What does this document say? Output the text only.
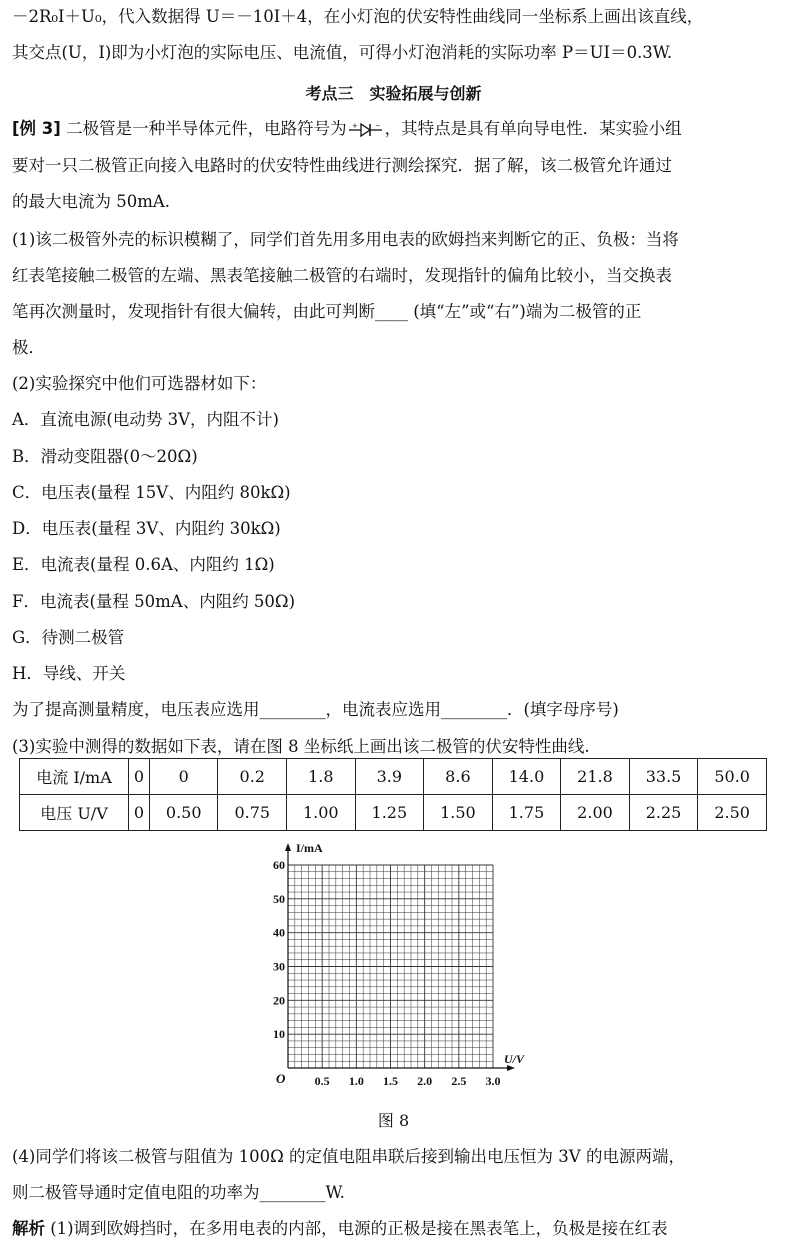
－2R₀I＋U₀，代入数据得 U＝－10I＋4，在小灯泡的伏安特性曲线同一坐标系上画出该直线，
其交点(U，I)即为小灯泡的实际电压、电流值，可得小灯泡消耗的实际功率 P＝UI＝0.3W.
考点三　实验拓展与创新
[例 3] 二极管是一种半导体元件，电路符号为 + − ，其特点是具有单向导电性．某实验小组
要对一只二极管正向接入电路时的伏安特性曲线进行测绘探究．据了解，该二极管允许通过
的最大电流为 50mA.
(1)该二极管外壳的标识模糊了，同学们首先用多用电表的欧姆挡来判断它的正、负极：当将
红表笔接触二极管的左端、黑表笔接触二极管的右端时，发现指针的偏角比较小，当交换表
笔再次测量时，发现指针有很大偏转，由此可判断____ (填“左”或“右”)端为二极管的正
极．
(2)实验探究中他们可选器材如下：
A．直流电源(电动势 3V，内阻不计)
B．滑动变阻器(0～20Ω)
C．电压表(量程 15V、内阻约 80kΩ)
D．电压表(量程 3V、内阻约 30kΩ)
E．电流表(量程 0.6A、内阻约 1Ω)
F．电流表(量程 50mA、内阻约 50Ω)
G．待测二极管
H．导线、开关
为了提高测量精度，电压表应选用________，电流表应选用________．(填字母序号)
(3)实验中测得的数据如下表，请在图 8 坐标纸上画出该二极管的伏安特性曲线.
电流 I/mA	0	0	0.2	1.8	3.9	8.6	14.0	21.8	33.5	50.0
电压 U/V	0	0.50	0.75	1.00	1.25	1.50	1.75	2.00	2.25	2.50
0.5 1.0 1.5 2.0 2.5 3.0
10
20
30
40
50
60
O
I/mA
U/V
图 8
(4)同学们将该二极管与阻值为 100Ω 的定值电阻串联后接到输出电压恒为 3V 的电源两端，
则二极管导通时定值电阻的功率为________W.
解析 (1)调到欧姆挡时，在多用电表的内部，电源的正极是接在黑表笔上，负极是接在红表
